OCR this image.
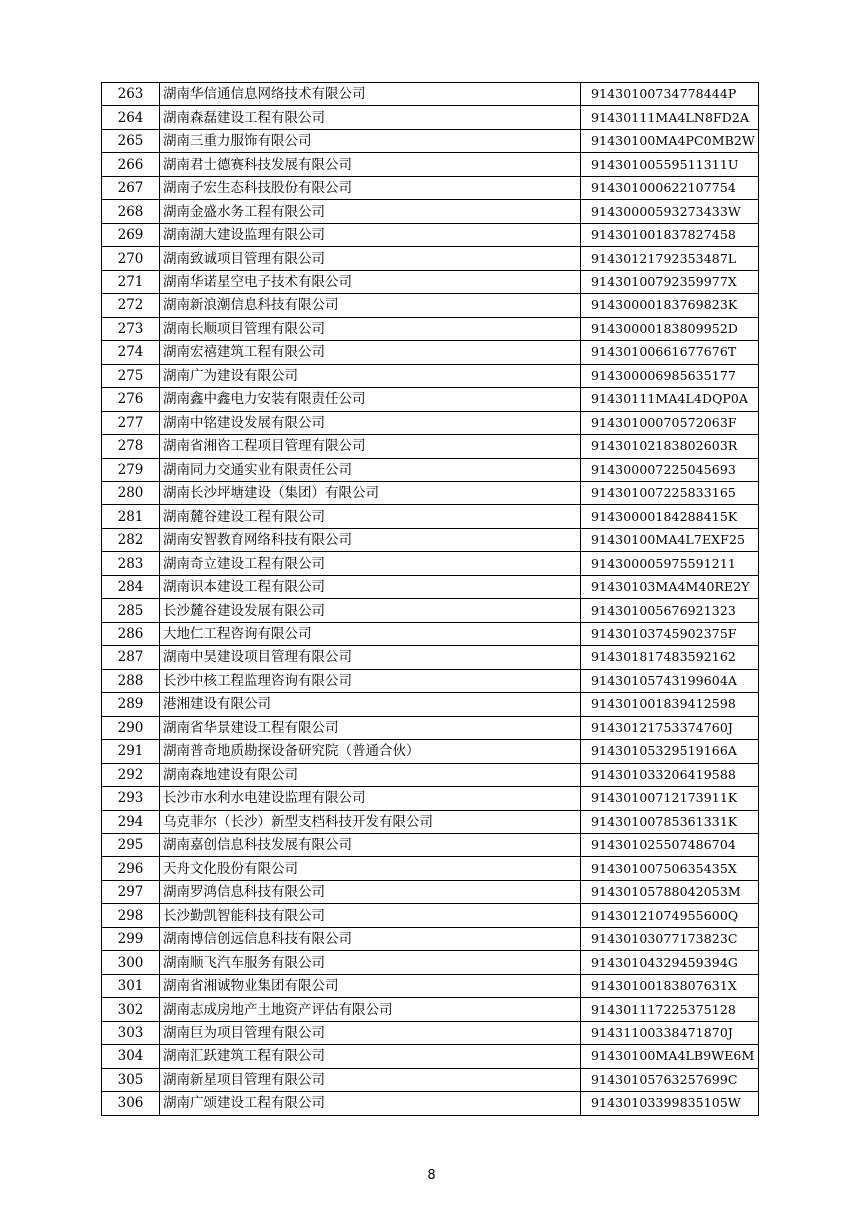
263	湖南华信通信息网络技术有限公司	91430100734778444P
264	湖南森磊建设工程有限公司	91430111MA4LN8FD2A
265	湖南三重力服饰有限公司	91430100MA4PC0MB2W
266	湖南君士德赛科技发展有限公司	91430100559511311U
267	湖南子宏生态科技股份有限公司	914301000622107754
268	湖南金盛水务工程有限公司	91430000593273433W
269	湖南湖大建设监理有限公司	914301001837827458
270	湖南致诚项目管理有限公司	91430121792353487L
271	湖南华诺星空电子技术有限公司	91430100792359977X
272	湖南新浪潮信息科技有限公司	91430000183769823K
273	湖南长顺项目管理有限公司	91430000183809952D
274	湖南宏禧建筑工程有限公司	91430100661677676T
275	湖南广为建设有限公司	914300006985635177
276	湖南鑫中鑫电力安装有限责任公司	91430111MA4L4DQP0A
277	湖南中铭建设发展有限公司	91430100070572063F
278	湖南省湘咨工程项目管理有限公司	91430102183802603R
279	湖南同力交通实业有限责任公司	914300007225045693
280	湖南长沙坪塘建设（集团）有限公司	914301007225833165
281	湖南麓谷建设工程有限公司	91430000184288415K
282	湖南安智教育网络科技有限公司	91430100MA4L7EXF25
283	湖南奇立建设工程有限公司	914300005975591211
284	湖南识本建设工程有限公司	91430103MA4M40RE2Y
285	长沙麓谷建设发展有限公司	914301005676921323
286	大地仁工程咨询有限公司	91430103745902375F
287	湖南中昊建设项目管理有限公司	914301817483592162
288	长沙中核工程监理咨询有限公司	91430105743199604A
289	港湘建设有限公司	914301001839412598
290	湖南省华景建设工程有限公司	91430121753374760J
291	湖南普奇地质勘探设备研究院（普通合伙）	91430105329519166A
292	湖南森地建设有限公司	914301033206419588
293	长沙市水利水电建设监理有限公司	91430100712173911K
294	乌克菲尔（长沙）新型支档科技开发有限公司	91430100785361331K
295	湖南嘉创信息科技发展有限公司	914301025507486704
296	天舟文化股份有限公司	91430100750635435X
297	湖南罗鸿信息科技有限公司	91430105788042053M
298	长沙勤凯智能科技有限公司	91430121074955600Q
299	湖南博信创远信息科技有限公司	91430103077173823C
300	湖南顺飞汽车服务有限公司	91430104329459394G
301	湖南省湘诚物业集团有限公司	91430100183807631X
302	湖南志成房地产土地资产评估有限公司	914301117225375128
303	湖南巨为项目管理有限公司	91431100338471870J
304	湖南汇跃建筑工程有限公司	91430100MA4LB9WE6M
305	湖南新星项目管理有限公司	91430105763257699C
306	湖南广颂建设工程有限公司	91430103399835105W
8
